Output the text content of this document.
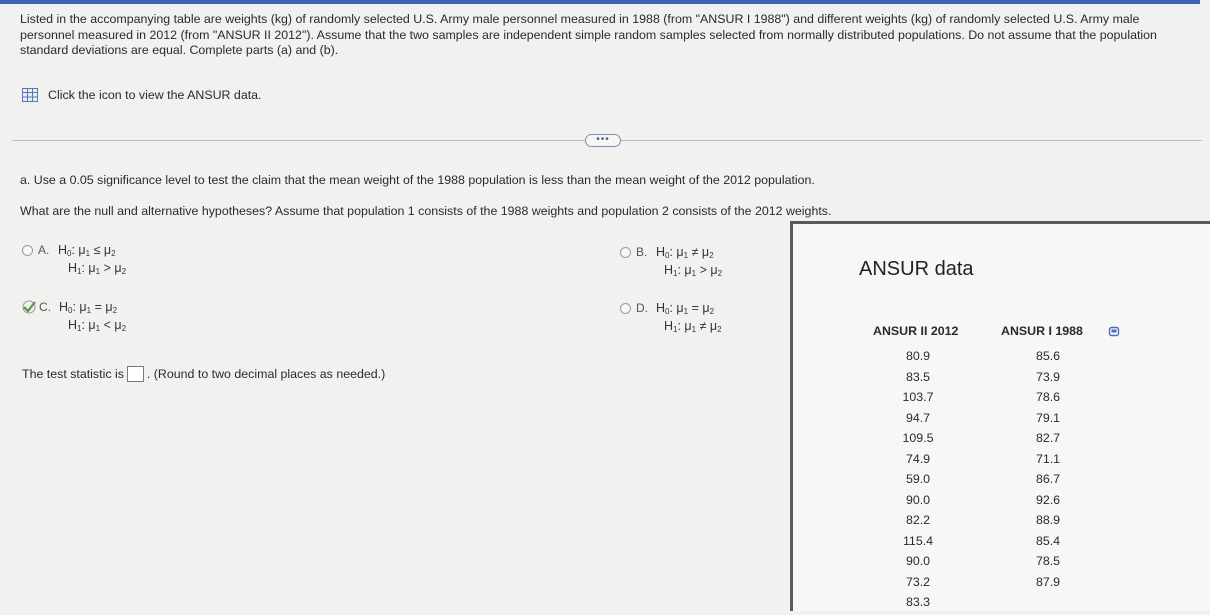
Listed in the accompanying table are weights (kg) of randomly selected U.S. Army male personnel measured in 1988 (from "ANSUR I 1988") and different weights (kg) of randomly selected U.S. Army male personnel measured in 2012 (from "ANSUR II 2012"). Assume that the two samples are independent simple random samples selected from normally distributed populations. Do not assume that the population standard deviations are equal. Complete parts (a) and (b).
Click the icon to view the ANSUR data.
•••
a. Use a 0.05 significance level to test the claim that the mean weight of the 1988 population is less than the mean weight of the 2012 population.
What are the null and alternative hypotheses? Assume that population 1 consists of the 1988 weights and population 2 consists of the 2012 weights.
A. $H_0$: $\mu_1 \le \mu_2$
$H_1$: $\mu_1 > \mu_2$
C. $H_0$: $\mu_1 = \mu_2$
$H_1$: $\mu_1 < \mu_2$
B. $H_0$: $\mu_1 \ne \mu_2$
$H_1$: $\mu_1 > \mu_2$
D. $H_0$: $\mu_1 = \mu_2$
$H_1$: $\mu_1 \ne \mu_2$
The test statistic is . (Round to two decimal places as needed.)
ANSUR data
ANSUR II 2012	ANSUR I 1988
80.9
83.5
103.7
94.7
109.5
74.9
59.0
90.0
82.2
115.4
90.0
73.2
83.3
85.6
73.9
78.6
79.1
82.7
71.1
86.7
92.6
88.9
85.4
78.5
87.9
